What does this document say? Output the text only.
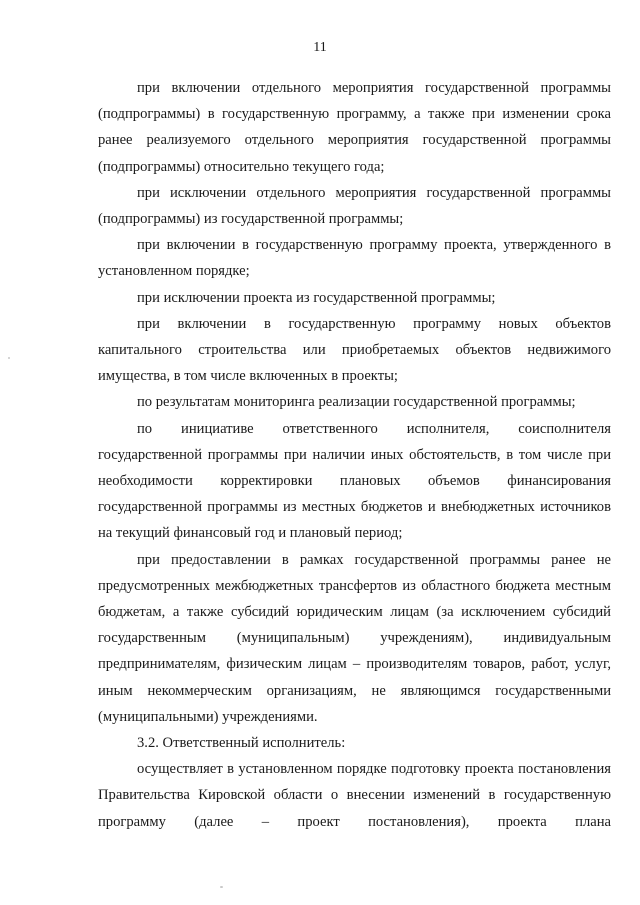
11

при включении отдельного мероприятия государственной программы (подпрограммы) в государственную программу, а также при изменении срока ранее реализуемого отдельного мероприятия государственной программы (подпрограммы) относительно текущего года;

при исключении отдельного мероприятия государственной программы (подпрограммы) из государственной программы;

при включении в государственную программу проекта, утвержденного в установленном порядке;

при исключении проекта из государственной программы;

при включении в государственную программу новых объектов капитального строительства или приобретаемых объектов недвижимого имущества, в том числе включенных в проекты;

по результатам мониторинга реализации государственной программы;

по инициативе ответственного исполнителя, соисполнителя государственной программы при наличии иных обстоятельств, в том числе при необходимости корректировки плановых объемов финансирования государственной программы из местных бюджетов и внебюджетных источников на текущий финансовый год и плановый период;

при предоставлении в рамках государственной программы ранее не предусмотренных межбюджетных трансфертов из областного бюджета местным бюджетам, а также субсидий юридическим лицам (за исключением субсидий государственным (муниципальным) учреждениям), индивидуальным предпринимателям, физическим лицам – производителям товаров, работ, услуг, иным некоммерческим организациям, не являющимся государственными (муниципальными) учреждениями.

3.2. Ответственный исполнитель:

осуществляет в установленном порядке подготовку проекта постановления Правительства Кировской области о внесении изменений в государственную программу (далее – проект постановления), проекта плана
